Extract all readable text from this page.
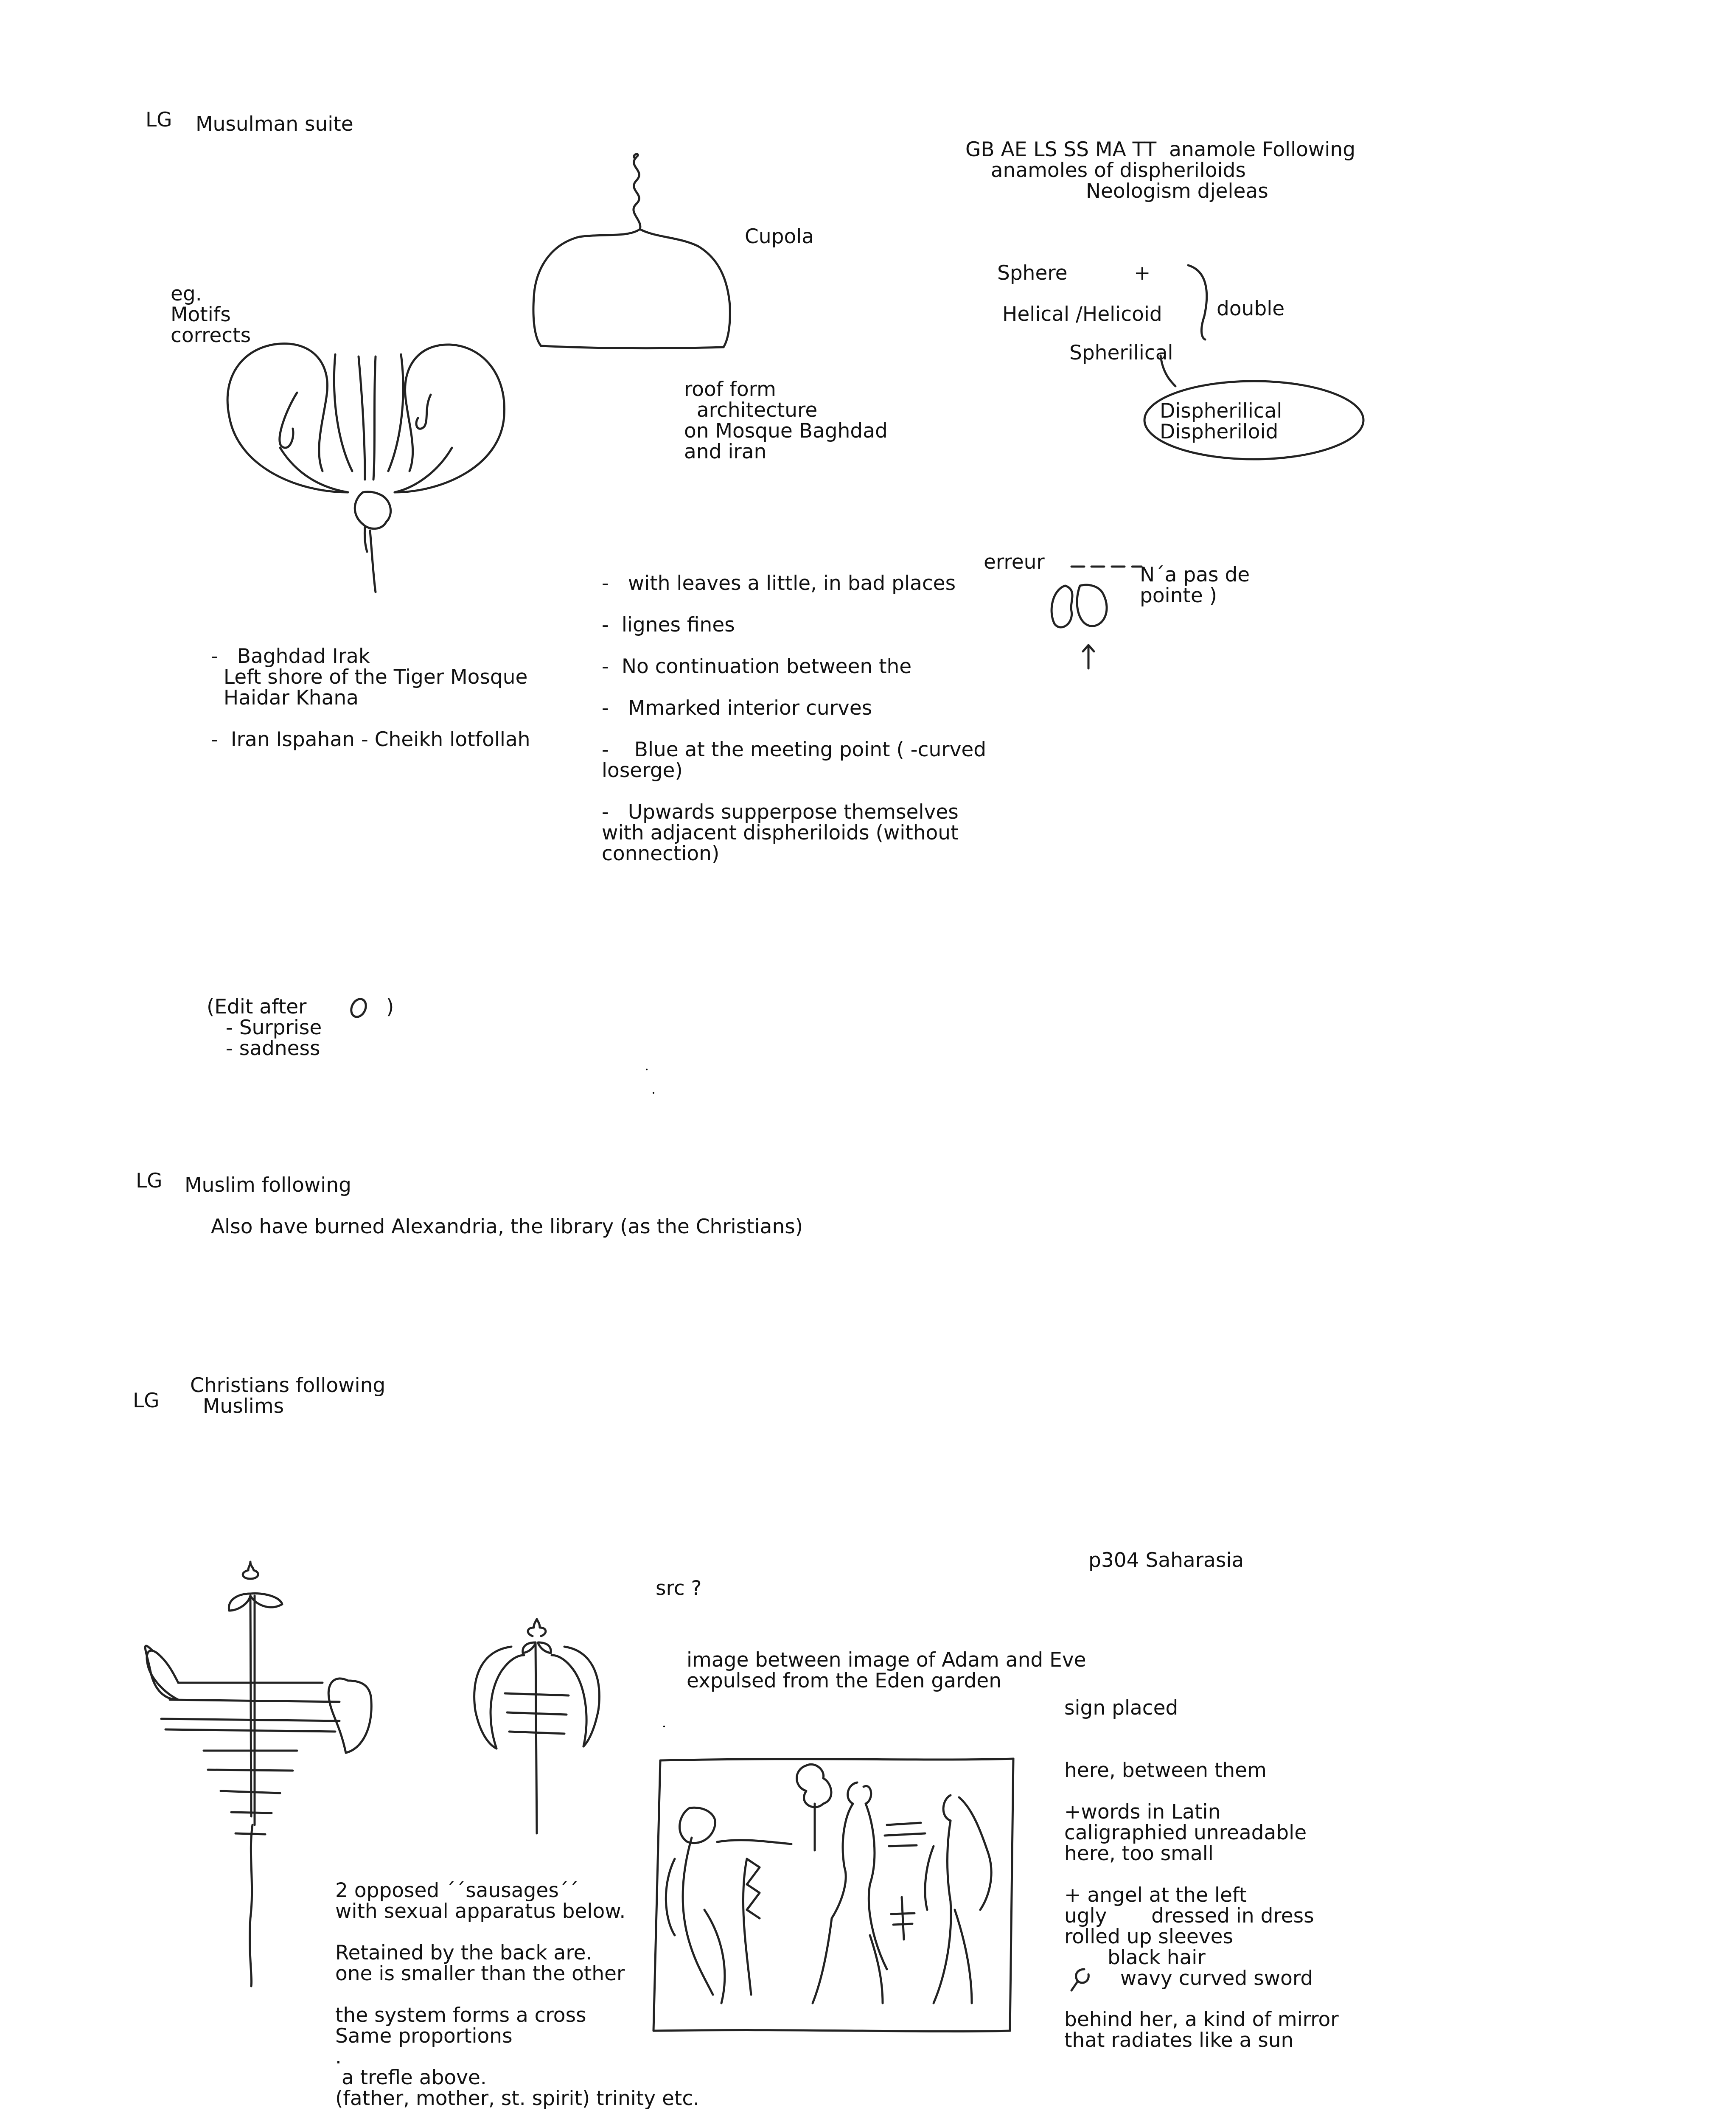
LG Musulman suite

eg.
Motifs
corrects

Cupola

roof form
architecture
on Mosque Baghdad
and iran

GB AE LS SS MA TT  anamole Following
anamoles of dispheriloids
Neologism djeleas

Sphere	+

Helical /Helicoid	double

Spherilical

Dispherilical
Dispheriloid

erreur

N´a pas de
pointe )

-   Baghdad Irak
Left shore of the Tiger Mosque
Haidar Khana

-  Iran Ispahan - Cheikh lotfollah

-   with leaves a little, in bad places

-  lignes fines

-  No continuation between the

-   Mmarked interior curves

-    Blue at the meeting point ( -curved
loserge)

-   Upwards supperpose themselves
with adjacent dispheriloids (without
connection)

(Edit after	)

- Surprise
- sadness

LG Muslim following

Also have burned Alexandria, the library (as the Christians)

LG

Christians following
Muslims

src ?

p304 Saharasia

image between image of Adam and Eve
expulsed from the Eden garden

sign placed

here, between them

+words in Latin
caligraphied unreadable
here, too small

+ angel at the left

ugly       dressed in dress
rolled up sleeves

black hair
wavy curved sword

behind her, a kind of mirror
that radiates like a sun

2 opposed ´´sausages´´
with sexual apparatus below.

Retained by the back are.
one is smaller than the other

the system forms a cross
Same proportions
.
a trefle above.
(father, mother, st. spirit) trinity etc.
